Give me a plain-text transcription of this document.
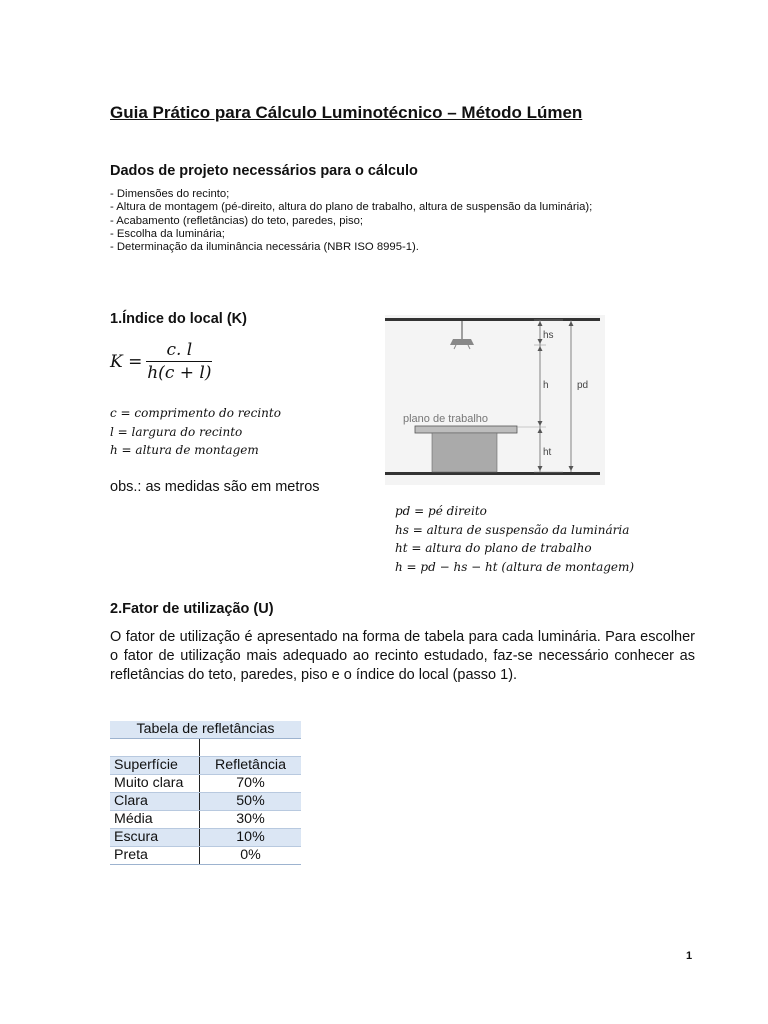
Guia Prático para Cálculo Luminotécnico – Método Lúmen
Dados de projeto necessários para o cálculo
- Dimensões do recinto;
- Altura de montagem (pé-direito, altura do plano de trabalho, altura de suspensão da luminária);
- Acabamento (refletâncias) do teto, paredes, piso;
- Escolha da luminária;
- Determinação da iluminância necessária (NBR ISO 8995-1).
1.Índice do local (K)
$K = \frac{c. l}{h(c + l)}$
c = comprimento do recinto
l = largura do recinto
h = altura de montagem
obs.: as medidas são em metros
plano de trabalho
hs
h
ht
pd
pd = pé direito
hs = altura de suspensão da luminária
ht = altura do plano de trabalho
h = pd − hs − ht (altura de montagem)
2.Fator de utilização (U)
O fator de utilização é apresentado na forma de tabela para cada luminária. Para escolher o fator de utilização mais adequado ao recinto estudado, faz-se necessário conhecer as refletâncias do teto, paredes, piso e o índice do local (passo 1).
Tabela de refletâncias	

Superfície	Refletância
Muito clara	70%
Clara	50%
Média	30%
Escura	10%
Preta	0%
1
